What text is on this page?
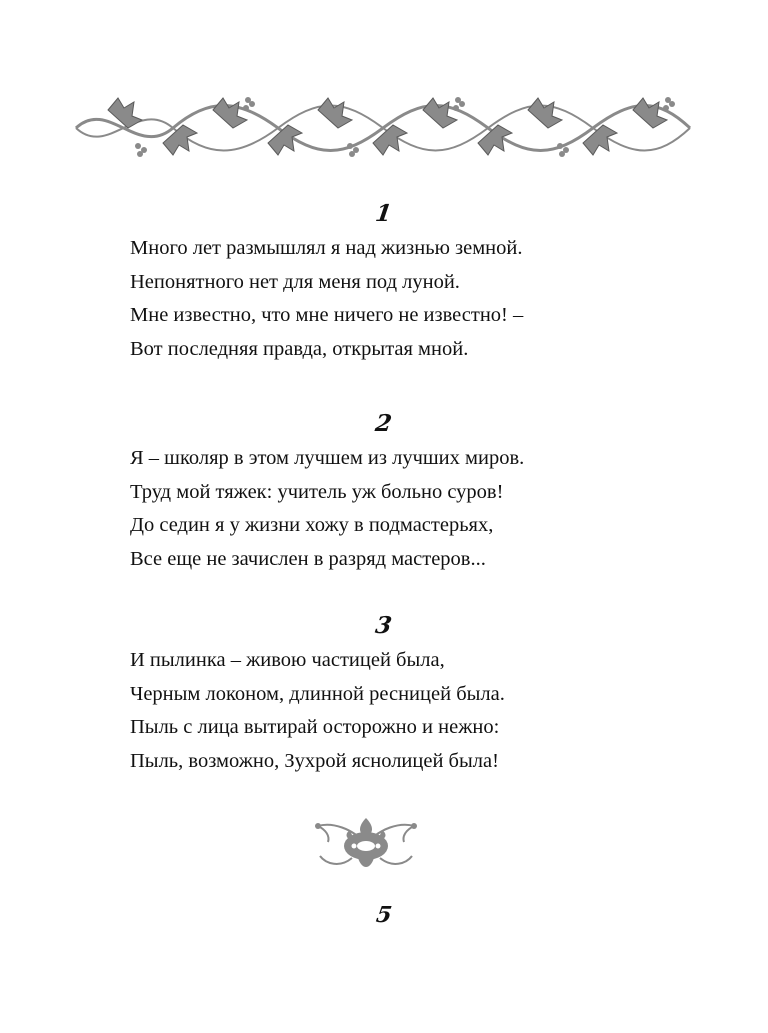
1
Много лет размышлял я над жизнью земной.
Непонятного нет для меня под луной.
Мне известно, что мне ничего не известно! –
Вот последняя правда, открытая мной.
2
Я – школяр в этом лучшем из лучших миров.
Труд мой тяжек: учитель уж больно суров!
До седин я у жизни хожу в подмастерьях,
Все еще не зачислен в разряд мастеров...
3
И пылинка – живою частицей была,
Черным локоном, длинной ресницей была.
Пыль с лица вытирай осторожно и нежно:
Пыль, возможно, Зухрой яснолицей была!
5
